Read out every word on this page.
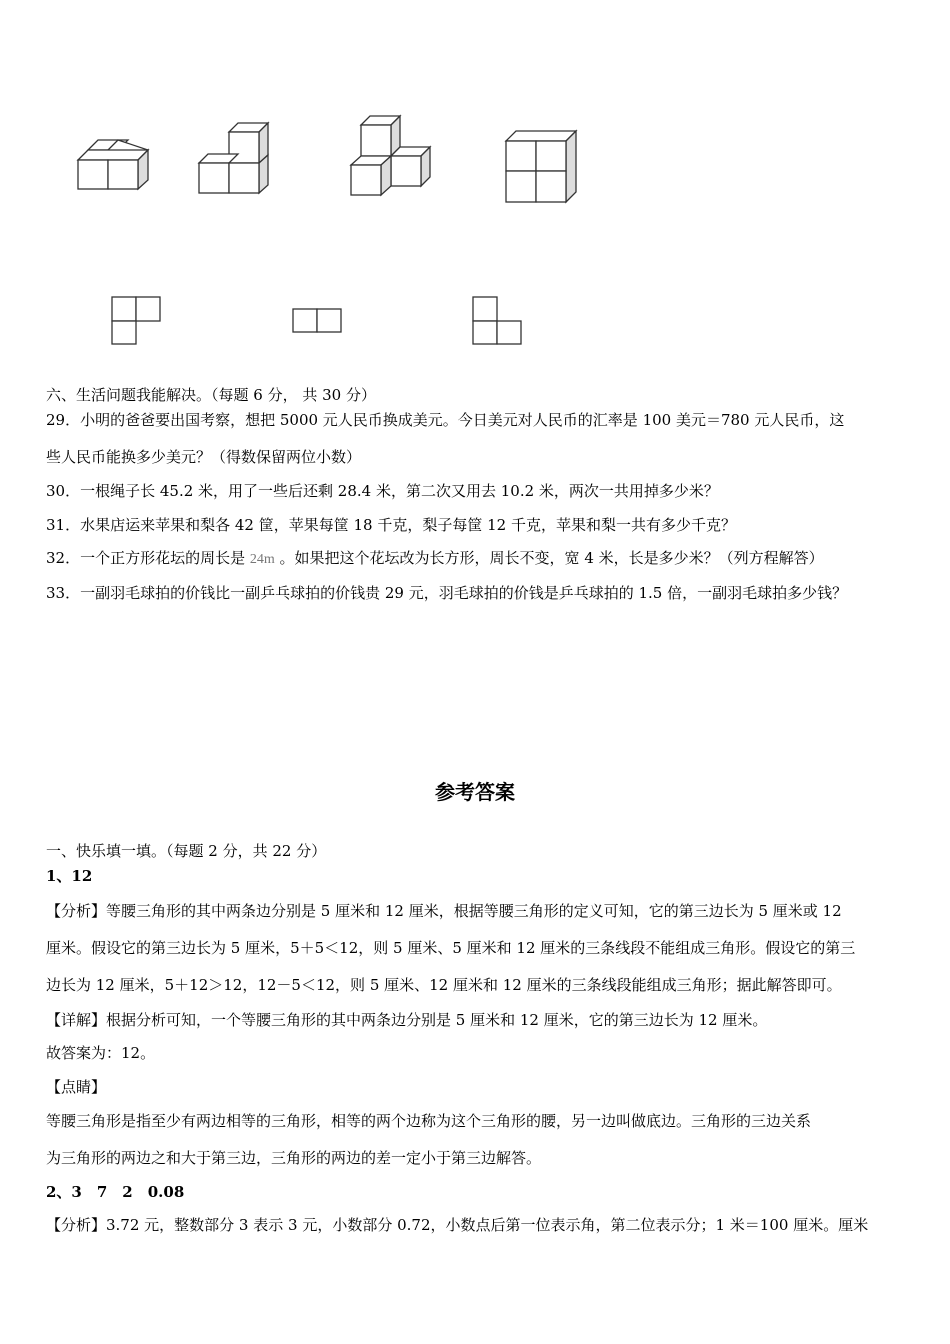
六、生活问题我能解决。（每题 6 分， 共 30 分）
29．小明的爸爸要出国考察，想把 5000 元人民币换成美元。今日美元对人民币的汇率是 100 美元＝780 元人民币，这
些人民币能换多少美元？（得数保留两位小数）
30．一根绳子长 45.2 米，用了一些后还剩 28.4 米，第二次又用去 10.2 米，两次一共用掉多少米？
31．水果店运来苹果和梨各 42 筐，苹果每筐 18 千克，梨子每筐 12 千克，苹果和梨一共有多少千克？
32．一个正方形花坛的周长是 24m 。如果把这个花坛改为长方形，周长不变，宽 4 米，长是多少米？（列方程解答）
33．一副羽毛球拍的价钱比一副乒乓球拍的价钱贵 29 元，羽毛球拍的价钱是乒乓球拍的 1.5 倍，一副羽毛球拍多少钱？
参考答案
一、快乐填一填。（每题 2 分，共 22 分）
1、12
【分析】等腰三角形的其中两条边分别是 5 厘米和 12 厘米，根据等腰三角形的定义可知，它的第三边长为 5 厘米或 12
厘米。假设它的第三边长为 5 厘米，5＋5＜12，则 5 厘米、5 厘米和 12 厘米的三条线段不能组成三角形。假设它的第三
边长为 12 厘米，5＋12＞12，12－5＜12，则 5 厘米、12 厘米和 12 厘米的三条线段能组成三角形；据此解答即可。
【详解】根据分析可知，一个等腰三角形的其中两条边分别是 5 厘米和 12 厘米，它的第三边长为 12 厘米。
故答案为：12。
【点睛】
等腰三角形是指至少有两边相等的三角形，相等的两个边称为这个三角形的腰，另一边叫做底边。三角形的三边关系
为三角形的两边之和大于第三边，三角形的两边的差一定小于第三边解答。
2、3　7　2　0.08
【分析】3.72 元，整数部分 3 表示 3 元，小数部分 0.72，小数点后第一位表示角，第二位表示分；1 米＝100 厘米。厘米
